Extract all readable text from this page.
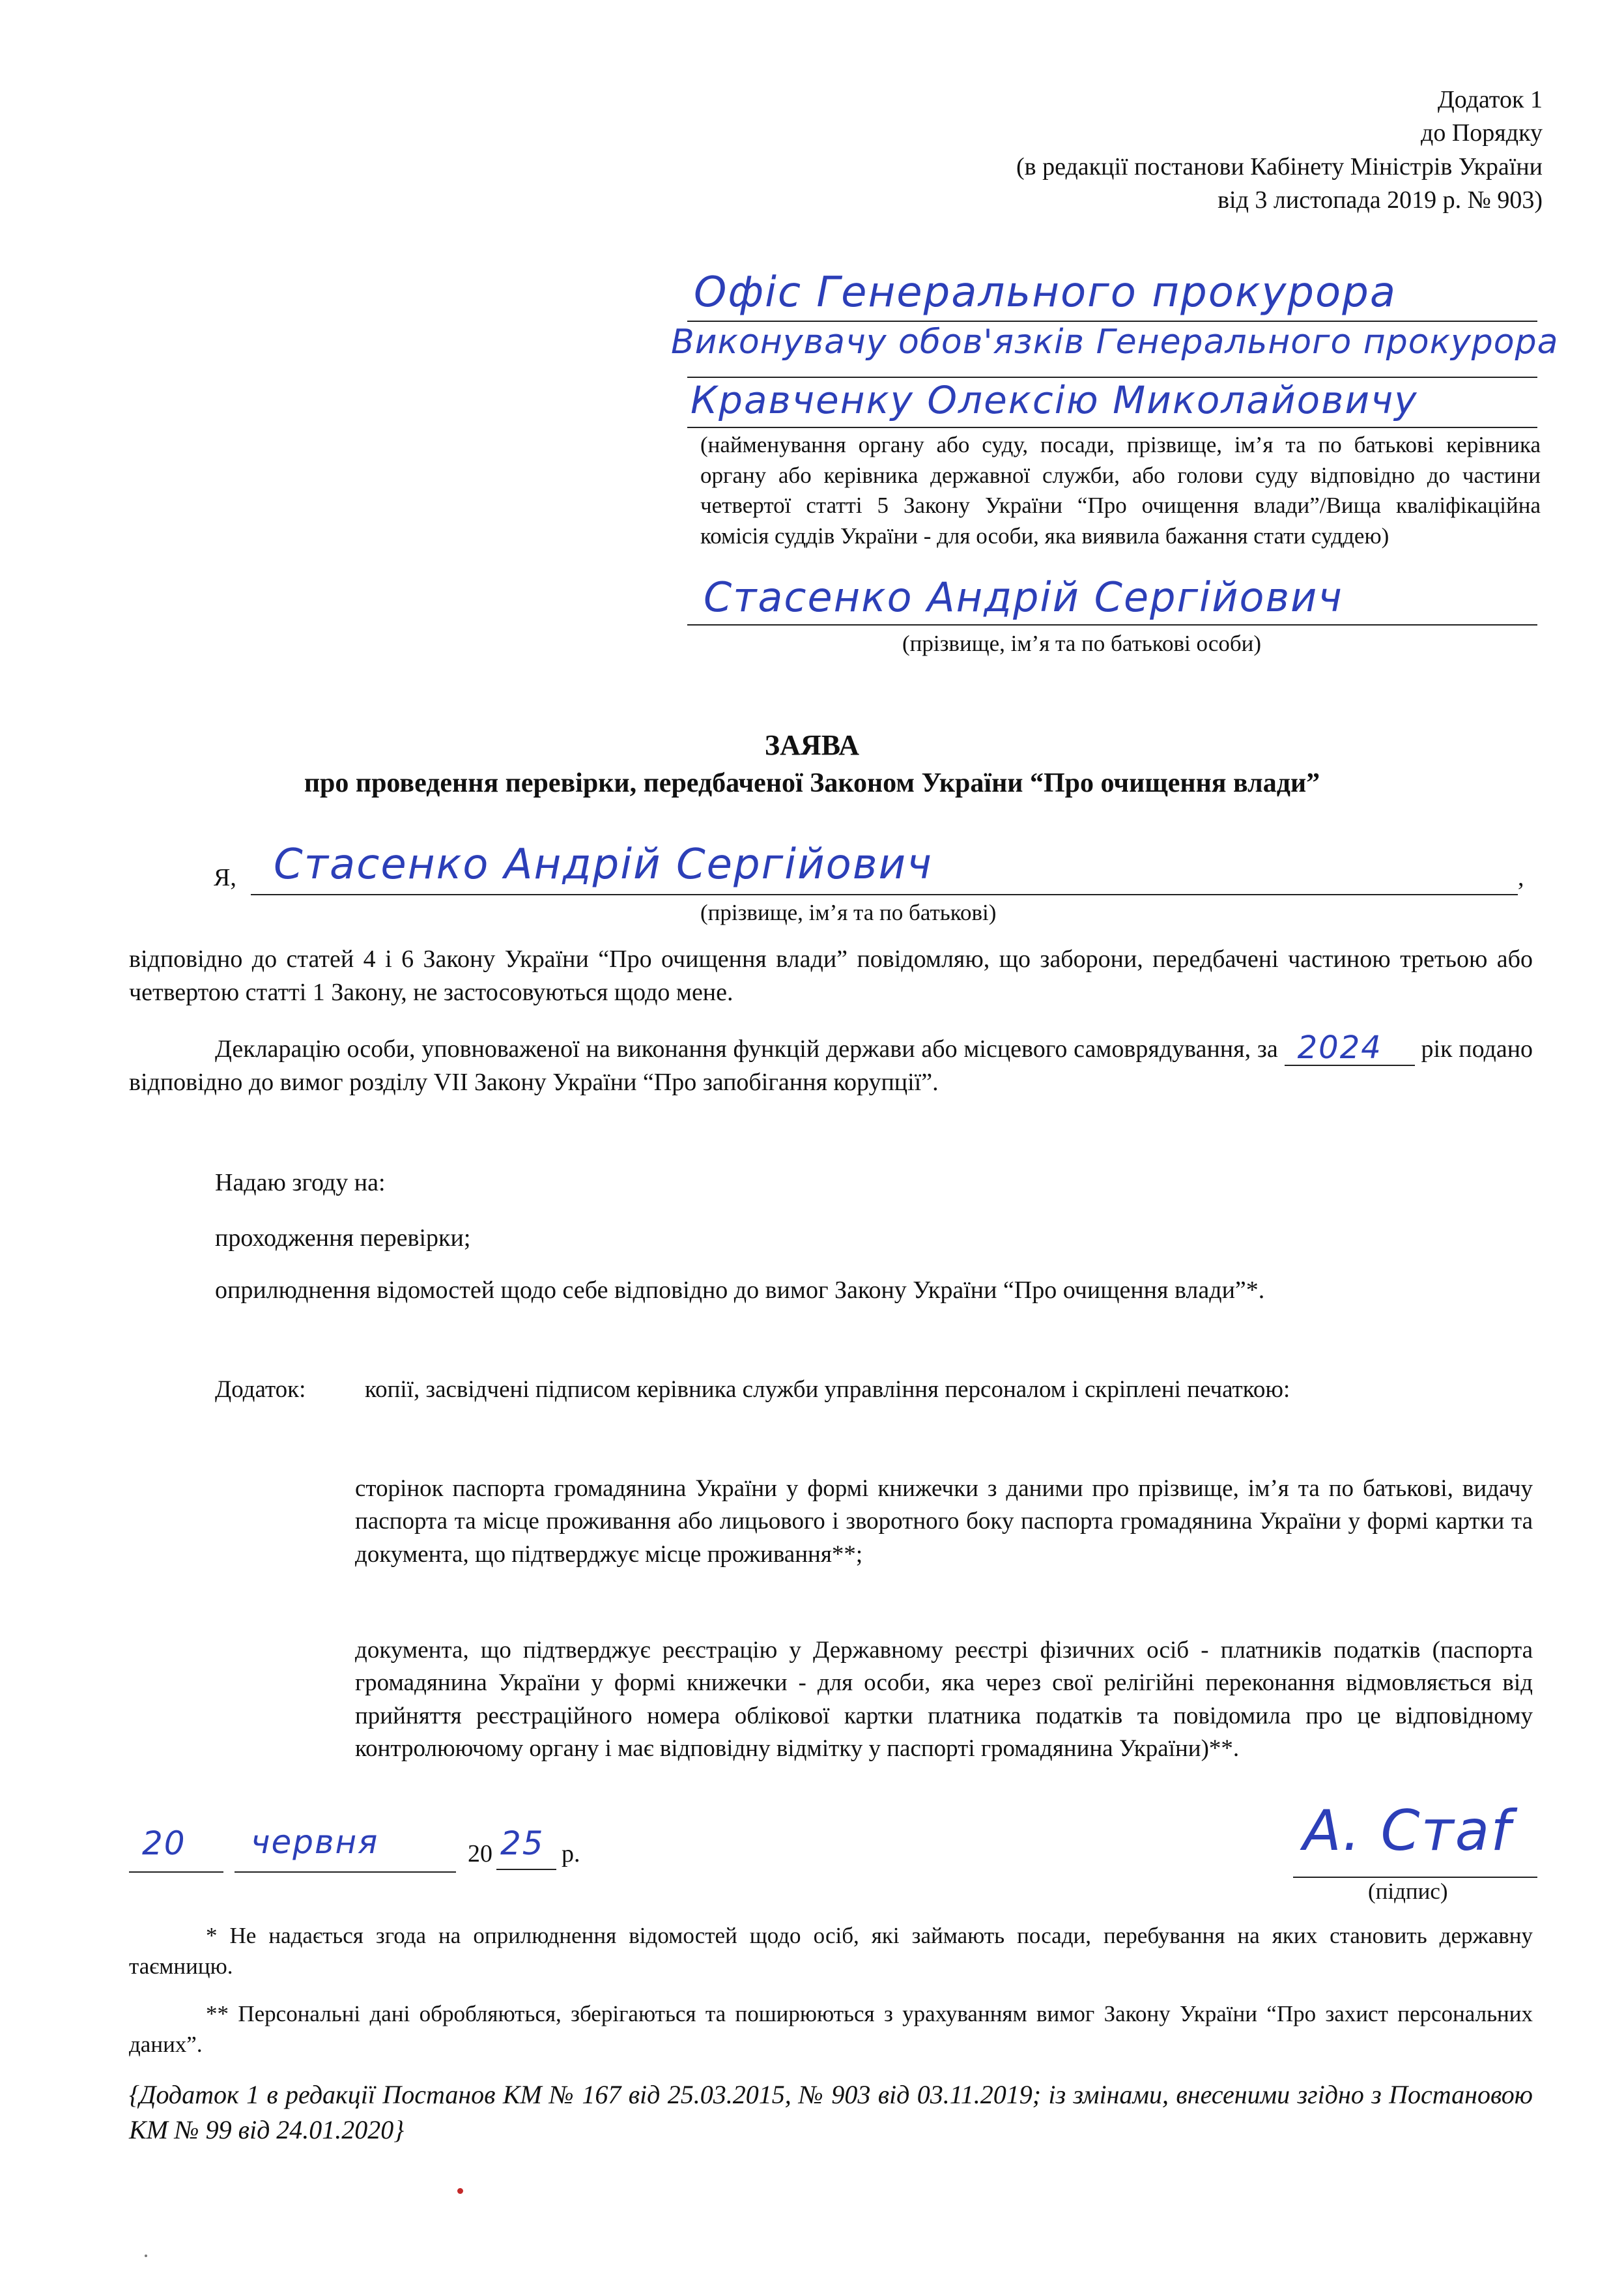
Додаток 1
до Порядку
(в редакції постанови Кабінету Міністрів України
від 3 листопада 2019 р. № 903)
Офіс Генерального прокурора
Виконувачу обов'язків Генерального прокурора
Кравченку Олексію Миколайовичу
(найменування органу або суду, посади, прізвище, ім’я та по батькові керівника органу або керівника державної служби, або голови суду відповідно до частини четвертої статті 5 Закону України “Про очищення влади”/Вища кваліфікаційна комісія суддів України - для особи, яка виявила бажання стати суддею)
Стасенко Андрій Сергійович
(прізвище, ім’я та по батькові особи)
ЗАЯВА
про проведення перевірки, передбаченої Законом України “Про очищення влади”
Я, Стасенко Андрій Сергійович	,
(прізвище, ім’я та по батькові)
відповідно до статей 4 і 6 Закону України “Про очищення влади” повідомляю, що заборони, передбачені частиною третьою або четвертою статті 1 Закону, не застосовуються щодо мене.
Декларацію особи, уповноваженої на виконання функцій держави або місцевого самоврядування, за 2024 рік подано відповідно до вимог розділу VII Закону України “Про запобігання корупції”.
Надаю згоду на:
проходження перевірки;
оприлюднення відомостей щодо себе відповідно до вимог Закону України “Про очищення влади”*.
Додаток: копії, засвідчені підписом керівника служби управління персоналом і скріплені печаткою:
сторінок паспорта громадянина України у формі книжечки з даними про прізвище, ім’я та по батькові, видачу паспорта та місце проживання або лицьового і зворотного боку паспорта громадянина України у формі картки та документа, що підтверджує місце проживання**;
документа, що підтверджує реєстрацію у Державному реєстрі фізичних осіб - платників податків (паспорта громадянина України у формі книжечки - для особи, яка через свої релігійні переконання відмовляється від прийняття реєстраційного номера облікової картки платника податків та повідомила про це відповідному контролюючому органу і має відповідну відмітку у паспорті громадянина України)**.
20 червня	20 25 р.	А. Стаf
(підпис)
* Не надається згода на оприлюднення відомостей щодо осіб, які займають посади, перебування на яких становить державну таємницю.
** Персональні дані обробляються, зберігаються та поширюються з урахуванням вимог Закону України “Про захист персональних даних”.
{Додаток 1 в редакції Постанов КМ № 167 від 25.03.2015, № 903 від 03.11.2019; із змінами, внесеними згідно з Постановою КМ № 99 від 24.01.2020}
